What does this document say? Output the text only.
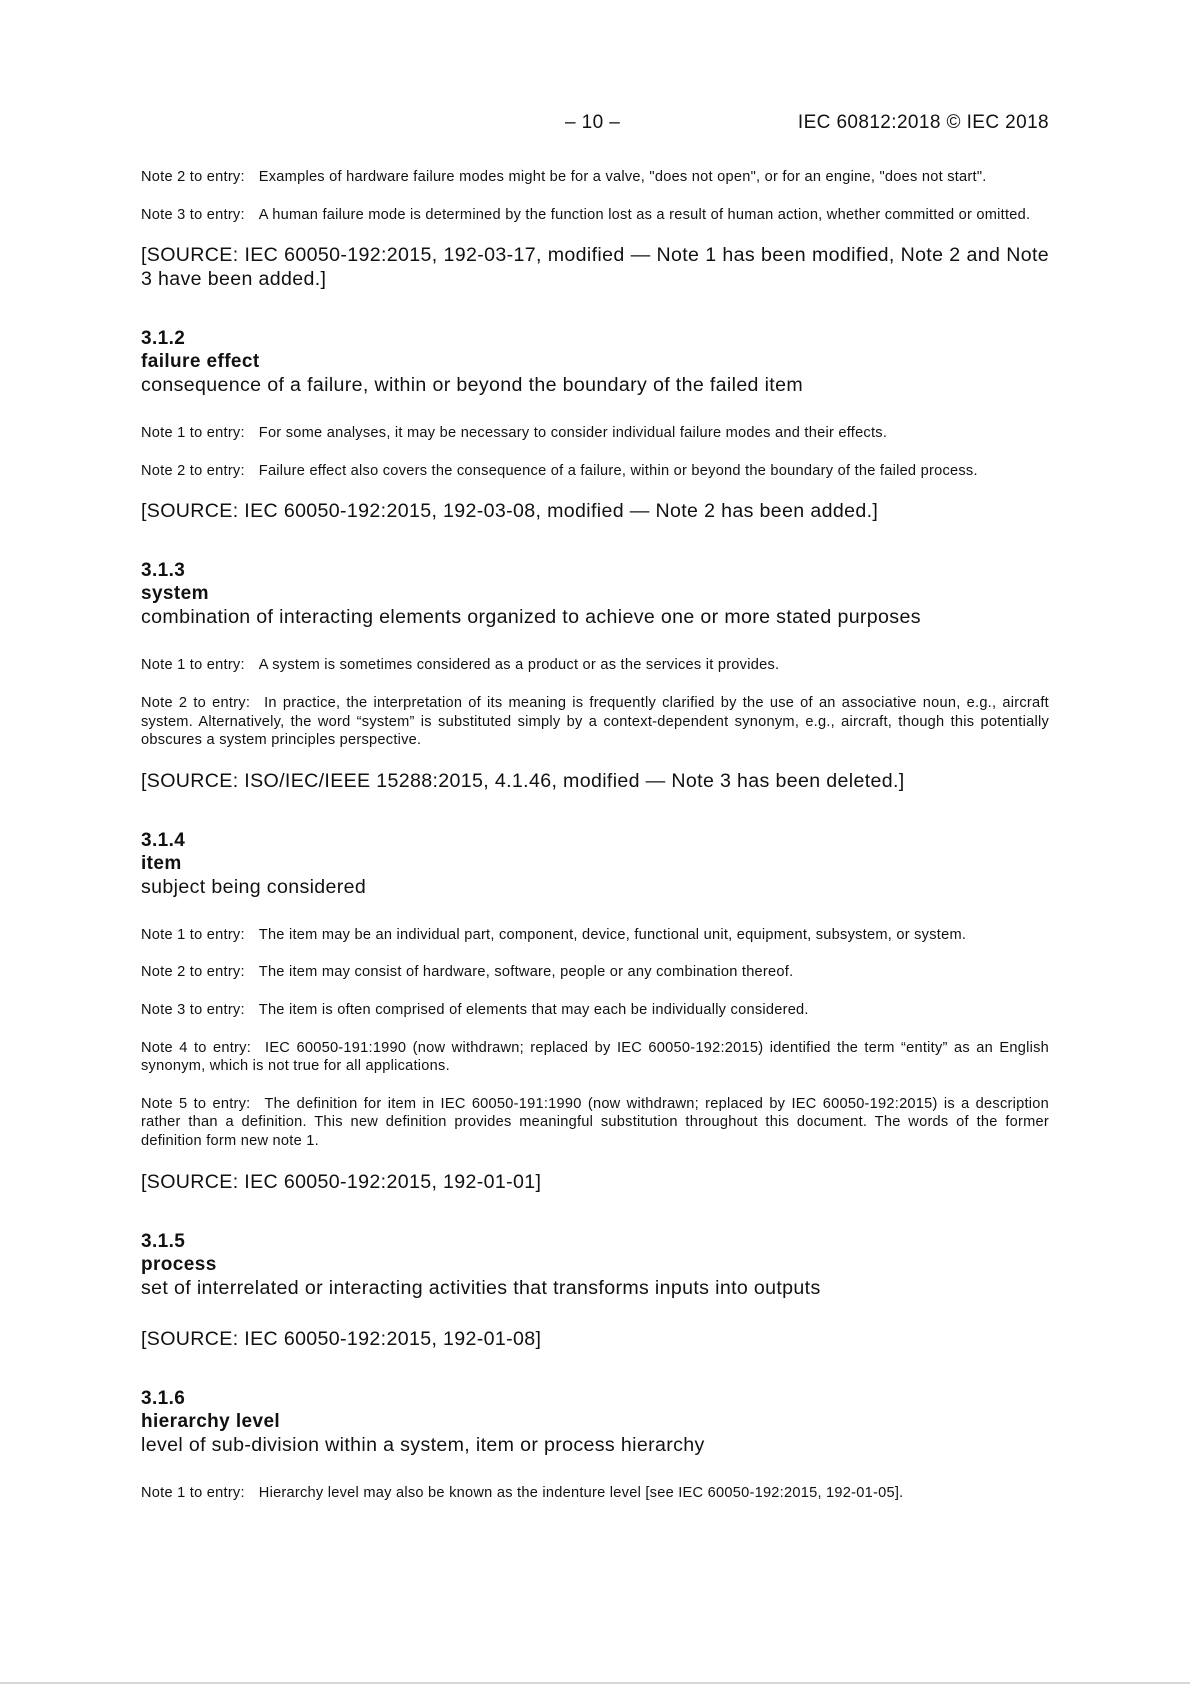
– 10 –	IEC 60812:2018 © IEC 2018

Note 2 to entry: Examples of hardware failure modes might be for a valve, "does not open", or for an engine, "does not start".

Note 3 to entry: A human failure mode is determined by the function lost as a result of human action, whether committed or omitted.

[SOURCE: IEC 60050-192:2015, 192-03-17, modified — Note 1 has been modified, Note 2 and Note 3 have been added.]

3.1.2

failure effect

consequence of a failure, within or beyond the boundary of the failed item

Note 1 to entry: For some analyses, it may be necessary to consider individual failure modes and their effects.

Note 2 to entry: Failure effect also covers the consequence of a failure, within or beyond the boundary of the failed process.

[SOURCE: IEC 60050-192:2015, 192-03-08, modified — Note 2 has been added.]

3.1.3

system

combination of interacting elements organized to achieve one or more stated purposes

Note 1 to entry: A system is sometimes considered as a product or as the services it provides.

Note 2 to entry: In practice, the interpretation of its meaning is frequently clarified by the use of an associative noun, e.g., aircraft system. Alternatively, the word “system” is substituted simply by a context-dependent synonym, e.g., aircraft, though this potentially obscures a system principles perspective.

[SOURCE: ISO/IEC/IEEE 15288:2015, 4.1.46, modified — Note 3 has been deleted.]

3.1.4

item

subject being considered

Note 1 to entry: The item may be an individual part, component, device, functional unit, equipment, subsystem, or system.

Note 2 to entry: The item may consist of hardware, software, people or any combination thereof.

Note 3 to entry: The item is often comprised of elements that may each be individually considered.

Note 4 to entry: IEC 60050-191:1990 (now withdrawn; replaced by IEC 60050-192:2015) identified the term “entity” as an English synonym, which is not true for all applications.

Note 5 to entry: The definition for item in IEC 60050-191:1990 (now withdrawn; replaced by IEC 60050-192:2015) is a description rather than a definition. This new definition provides meaningful substitution throughout this document. The words of the former definition form new note 1.

[SOURCE: IEC 60050-192:2015, 192-01-01]

3.1.5

process

set of interrelated or interacting activities that transforms inputs into outputs

[SOURCE: IEC 60050-192:2015, 192-01-08]

3.1.6

hierarchy level

level of sub-division within a system, item or process hierarchy

Note 1 to entry: Hierarchy level may also be known as the indenture level [see IEC 60050-192:2015, 192-01-05].
